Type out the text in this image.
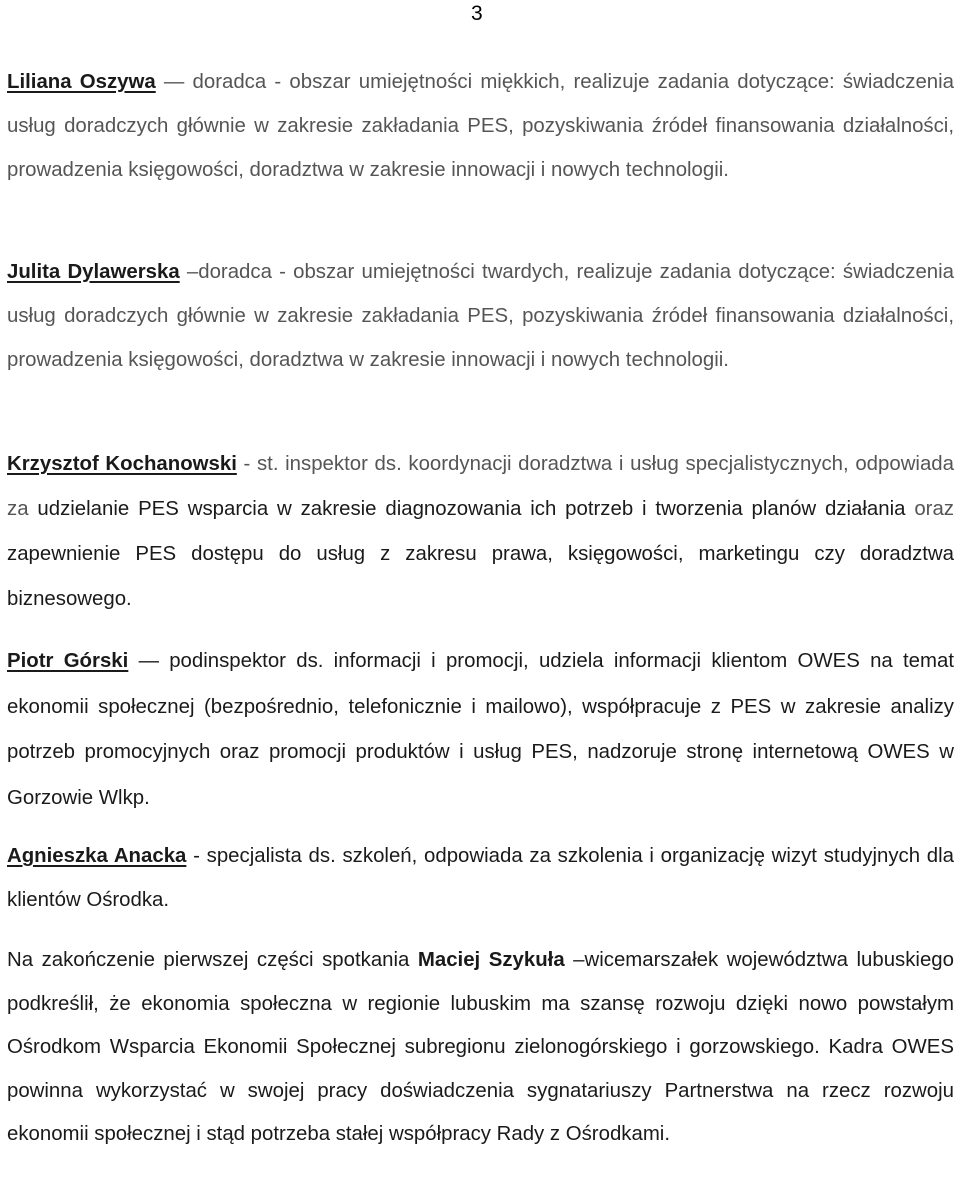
3

Liliana Oszywa — doradca - obszar umiejętności miękkich, realizuje zadania dotyczące: świadczenia usług doradczych głównie w zakresie zakładania PES, pozyskiwania źródeł finansowania działalności, prowadzenia księgowości, doradztwa w zakresie innowacji i nowych technologii.

Julita Dylawerska –doradca - obszar umiejętności twardych, realizuje zadania dotyczące: świadczenia usług doradczych głównie w zakresie zakładania PES, pozyskiwania źródeł finansowania działalności, prowadzenia księgowości, doradztwa w zakresie innowacji i nowych technologii.

Krzysztof Kochanowski - st. inspektor ds. koordynacji doradztwa i usług specjalistycznych, odpowiada za udzielanie PES wsparcia w zakresie diagnozowania ich potrzeb i tworzenia planów działania oraz zapewnienie PES dostępu do usług z zakresu prawa, księgowości, marketingu czy doradztwa biznesowego.

Piotr Górski — podinspektor ds. informacji i promocji, udziela informacji klientom OWES na temat ekonomii społecznej (bezpośrednio, telefonicznie i mailowo), współpracuje z PES w zakresie analizy potrzeb promocyjnych oraz promocji produktów i usług PES, nadzoruje stronę internetową OWES w Gorzowie Wlkp.

Agnieszka Anacka - specjalista ds. szkoleń, odpowiada za szkolenia i organizację wizyt studyjnych dla klientów Ośrodka.

Na zakończenie pierwszej części spotkania Maciej Szykuła –wicemarszałek województwa lubuskiego podkreślił, że ekonomia społeczna w regionie lubuskim ma szansę rozwoju dzięki nowo powstałym Ośrodkom Wsparcia Ekonomii Społecznej subregionu zielonogórskiego i gorzowskiego. Kadra OWES powinna wykorzystać w swojej pracy doświadczenia sygnatariuszy Partnerstwa na rzecz rozwoju ekonomii społecznej i stąd potrzeba stałej współpracy Rady z Ośrodkami.
